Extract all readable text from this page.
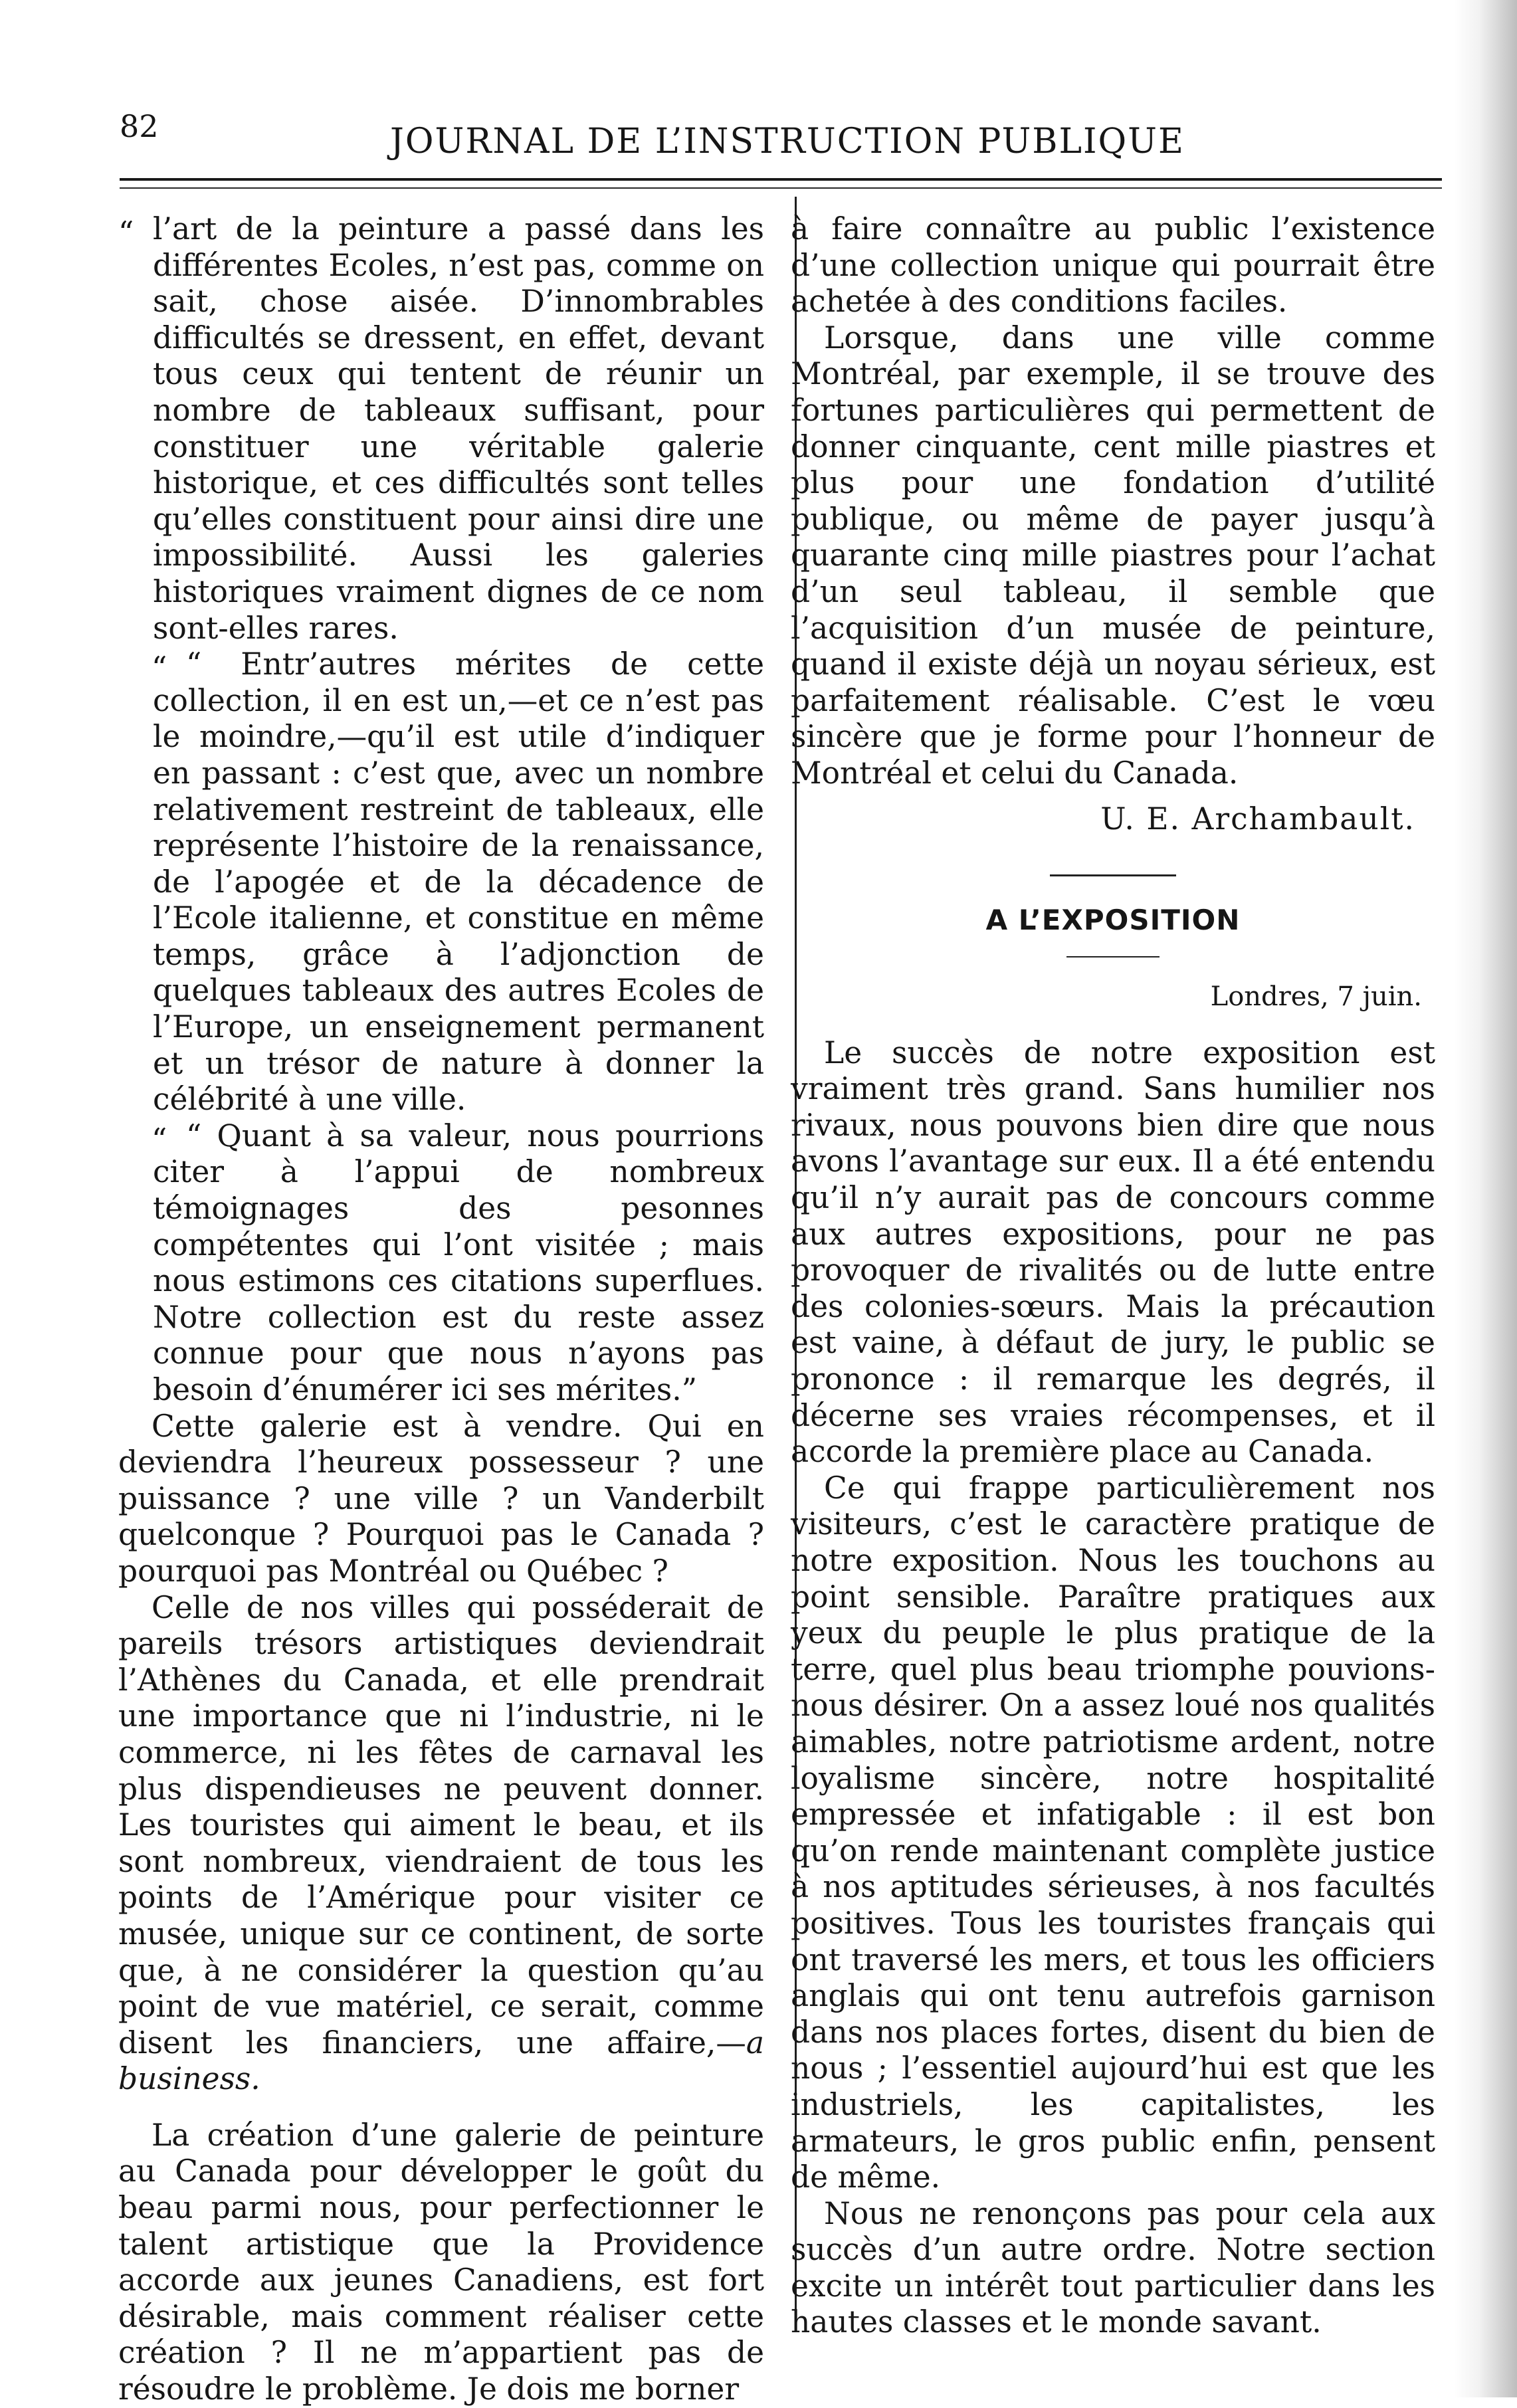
82	JOURNAL DE L’INSTRUCTION PUBLIQUE

“ l’art de la peinture a passé dans les différentes Ecoles, n’est pas, comme on sait, chose aisée. D’innombrables difficultés se dressent, en effet, devant tous ceux qui tentent de réunir un nombre de tableaux suffisant, pour constituer une véritable galerie historique, et ces difficultés sont telles qu’elles constituent pour ainsi dire une impossibilité. Aussi les galeries historiques vraiment dignes de ce nom sont-elles rares.

“ “ Entr’autres mérites de cette collection, il en est un,—et ce n’est pas le moindre,—qu’il est utile d’indiquer en passant : c’est que, avec un nombre relativement restreint de tableaux, elle représente l’histoire de la renaissance, de l’apogée et de la décadence de l’Ecole italienne, et constitue en même temps, grâce à l’adjonction de quelques tableaux des autres Ecoles de l’Europe, un enseignement permanent et un trésor de nature à donner la célébrité à une ville.

“ “ Quant à sa valeur, nous pourrions citer à l’appui de nombreux témoignages des pesonnes compétentes qui l’ont visitée ; mais nous estimons ces citations superflues. Notre collection est du reste assez connue pour que nous n’ayons pas besoin d’énumérer ici ses mérites.”

Cette galerie est à vendre. Qui en deviendra l’heureux possesseur ? une puissance ? une ville ? un Vanderbilt quelconque ? Pourquoi pas le Canada ? pourquoi pas Montréal ou Québec ?

Celle de nos villes qui posséderait de pareils trésors artistiques deviendrait l’Athènes du Canada, et elle prendrait une importance que ni l’industrie, ni le commerce, ni les fêtes de carnaval les plus dispendieuses ne peuvent donner. Les touristes qui aiment le beau, et ils sont nombreux, viendraient de tous les points de l’Amérique pour visiter ce musée, unique sur ce continent, de sorte que, à ne considérer la question qu’au point de vue matériel, ce serait, comme disent les financiers, une affaire,—a business.

La création d’une galerie de peinture au Canada pour développer le goût du beau parmi nous, pour perfectionner le talent artistique que la Providence accorde aux jeunes Canadiens, est fort désirable, mais comment réaliser cette création ? Il ne m’appartient pas de résoudre le problème. Je dois me borner

à faire connaître au public l’existence d’une collection unique qui pourrait être achetée à des conditions faciles.

Lorsque, dans une ville comme Montréal, par exemple, il se trouve des fortunes particulières qui permettent de donner cinquante, cent mille piastres et plus pour une fondation d’utilité publique, ou même de payer jusqu’à quarante cinq mille piastres pour l’achat d’un seul tableau, il semble que l’acquisition d’un musée de peinture, quand il existe déjà un noyau sérieux, est parfaitement réalisable. C’est le vœu sincère que je forme pour l’honneur de Montréal et celui du Canada.

U. E. Archambault.

A L’EXPOSITION

Londres, 7 juin.

Le succès de notre exposition est vraiment très grand. Sans humilier nos rivaux, nous pouvons bien dire que nous avons l’avantage sur eux. Il a été entendu qu’il n’y aurait pas de concours comme aux autres expositions, pour ne pas provoquer de rivalités ou de lutte entre des colonies-sœurs. Mais la précaution est vaine, à défaut de jury, le public se prononce : il remarque les degrés, il décerne ses vraies récompenses, et il accorde la première place au Canada.

Ce qui frappe particulièrement nos visiteurs, c’est le caractère pratique de notre exposition. Nous les touchons au point sensible. Paraître pratiques aux yeux du peuple le plus pratique de la terre, quel plus beau triomphe pouvions-nous désirer. On a assez loué nos qualités aimables, notre patriotisme ardent, notre loyalisme sincère, notre hospitalité empressée et infatigable : il est bon qu’on rende maintenant complète justice à nos aptitudes sérieuses, à nos facultés positives. Tous les touristes français qui ont traversé les mers, et tous les officiers anglais qui ont tenu autrefois garnison dans nos places fortes, disent du bien de nous ; l’essentiel aujourd’hui est que les industriels, les capitalistes, les armateurs, le gros public enfin, pensent de même.

Nous ne renonçons pas pour cela aux succès d’un autre ordre. Notre section excite un intérêt tout particulier dans les hautes classes et le monde savant.
